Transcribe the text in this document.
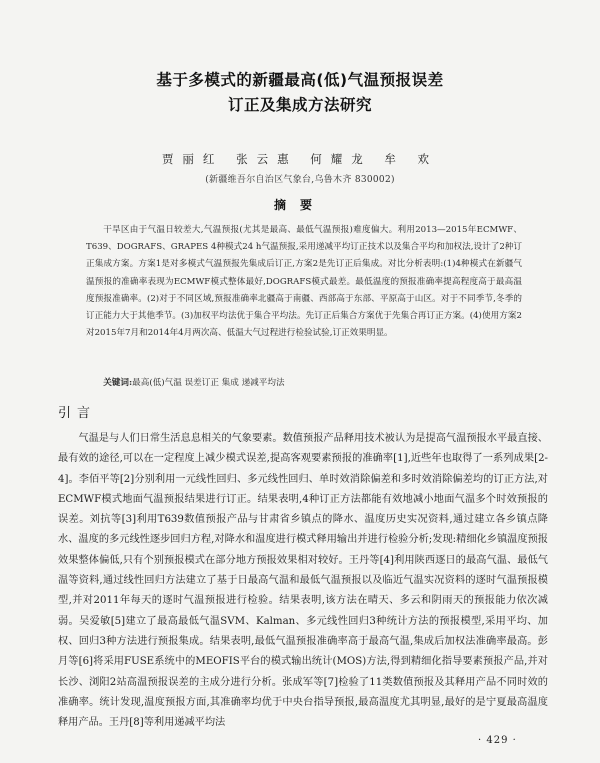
基于多模式的新疆最高(低)气温预报误差
订正及集成方法研究
贾丽红 张云惠 何耀龙 牟 欢
(新疆维吾尔自治区气象台,乌鲁木齐 830002)
摘要

干旱区由于气温日较差大,气温预报(尤其是最高、最低气温预报)难度偏大。利用2013—2015年ECMWF、T639、DOGRAFS、GRAPES 4种模式24 h气温预报,采用递减平均订正技术以及集合平均和加权法,设计了2种订正集成方案。方案1是对多模式气温预报先集成后订正,方案2是先订正后集成。对比分析表明:(1)4种模式在新疆气温预报的准确率表现为ECMWF模式整体最好,DOGRAFS模式最差。最低温度的预报准确率提高程度高于最高温度预报准确率。(2)对于不同区域,预报准确率北疆高于南疆、西部高于东部、平原高于山区。对于不同季节,冬季的订正能力大于其他季节。(3)加权平均法优于集合平均法。先订正后集合方案优于先集合再订正方案。(4)使用方案2对2015年7月和2014年4月两次高、低温大气过程进行检验试验,订正效果明显。

关键词:最高(低)气温 误差订正 集成 递减平均法
引言

气温是与人们日常生活息息相关的气象要素。数值预报产品释用技术被认为是提高气温预报水平最直接、最有效的途径,可以在一定程度上减少模式误差,提高客观要素预报的准确率[1],近些年也取得了一系列成果[2-4]。李佰平等[2]分别利用一元线性回归、多元线性回归、单时效消除偏差和多时效消除偏差均的订正方法,对ECMWF模式地面气温预报结果进行订正。结果表明,4种订正方法都能有效地减小地面气温多个时效预报的误差。刘抗等[3]利用T639数值预报产品与甘肃省乡镇点的降水、温度历史实况资料,通过建立各乡镇点降水、温度的多元线性逐步回归方程,对降水和温度进行模式释用输出并进行检验分析;发现:精细化乡镇温度预报效果整体偏低,只有个别预报模式在部分地方预报效果相对较好。王丹等[4]利用陕西逐日的最高气温、最低气温等资料,通过线性回归方法建立了基于日最高气温和最低气温预报以及临近气温实况资料的逐时气温预报模型,并对2011年每天的逐时气温预报进行检验。结果表明,该方法在晴天、多云和阴雨天的预报能力依次减弱。吴爱敏[5]建立了最高最低气温SVM、Kalman、多元线性回归3种统计方法的预报模型,采用平均、加权、回归3种方法进行预报集成。结果表明,最低气温预报准确率高于最高气温,集成后加权法准确率最高。彭月等[6]将采用FUSE系统中的MEOFIS平台的模式输出统计(MOS)方法,得到精细化指导要素预报产品,并对长沙、浏阳2站高温预报误差的主成分进行分析。张成军等[7]检验了11类数值预报及其释用产品不同时效的准确率。统计发现,温度预报方面,其准确率均优于中央台指导预报,最高温度尤其明显,最好的是宁夏最高温度释用产品。王丹[8]等利用递减平均法

· 429 ·
